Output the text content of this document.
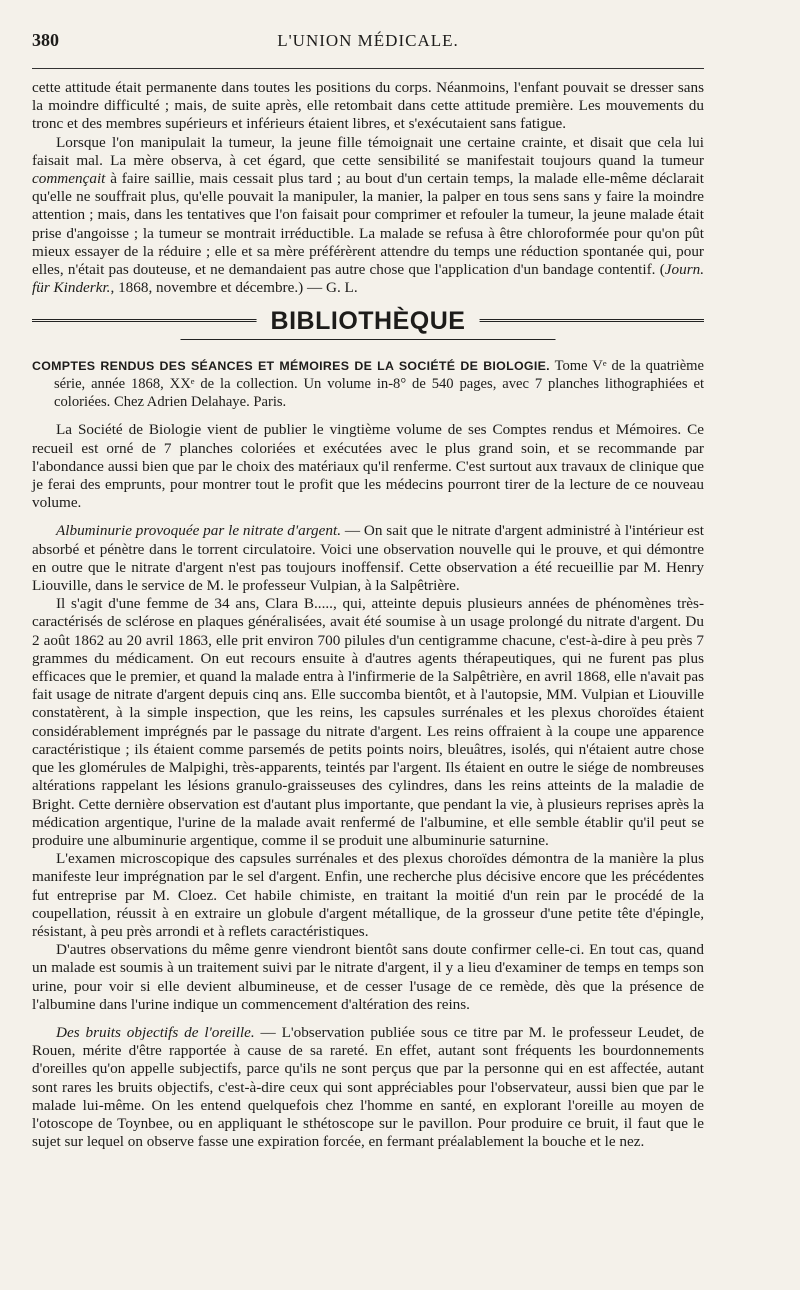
380	L'UNION MÉDICALE.

cette attitude était permanente dans toutes les positions du corps. Néanmoins, l'enfant pouvait se dresser sans la moindre difficulté ; mais, de suite après, elle retombait dans cette attitude première. Les mouvements du tronc et des membres supérieurs et inférieurs étaient libres, et s'exécutaient sans fatigue.

Lorsque l'on manipulait la tumeur, la jeune fille témoignait une certaine crainte, et disait que cela lui faisait mal. La mère observa, à cet égard, que cette sensibilité se manifestait toujours quand la tumeur commençait à faire saillie, mais cessait plus tard ; au bout d'un certain temps, la malade elle-même déclarait qu'elle ne souffrait plus, qu'elle pouvait la manipuler, la manier, la palper en tous sens sans y faire la moindre attention ; mais, dans les tentatives que l'on faisait pour comprimer et refouler la tumeur, la jeune malade était prise d'angoisse ; la tumeur se montrait irréductible. La malade se refusa à être chloroformée pour qu'on pût mieux essayer de la réduire ; elle et sa mère préférèrent attendre du temps une réduction spontanée qui, pour elles, n'était pas douteuse, et ne demandaient pas autre chose que l'application d'un bandage contentif. (Journ. für Kinderkr., 1868, novembre et décembre.) — G. L.

BIBLIOTHÈQUE

COMPTES RENDUS DES SÉANCES ET MÉMOIRES DE LA SOCIÉTÉ DE BIOLOGIE. Tome Vᵉ de la quatrième série, année 1868, XXᵉ de la collection. Un volume in-8° de 540 pages, avec 7 planches lithographiées et coloriées. Chez Adrien Delahaye. Paris.

La Société de Biologie vient de publier le vingtième volume de ses Comptes rendus et Mémoires. Ce recueil est orné de 7 planches coloriées et exécutées avec le plus grand soin, et se recommande par l'abondance aussi bien que par le choix des matériaux qu'il renferme. C'est surtout aux travaux de clinique que je ferai des emprunts, pour montrer tout le profit que les médecins pourront tirer de la lecture de ce nouveau volume.

Albuminurie provoquée par le nitrate d'argent. — On sait que le nitrate d'argent administré à l'intérieur est absorbé et pénètre dans le torrent circulatoire. Voici une observation nouvelle qui le prouve, et qui démontre en outre que le nitrate d'argent n'est pas toujours inoffensif. Cette observation a été recueillie par M. Henry Liouville, dans le service de M. le professeur Vulpian, à la Salpêtrière.

Il s'agit d'une femme de 34 ans, Clara B....., qui, atteinte depuis plusieurs années de phénomènes très-caractérisés de sclérose en plaques généralisées, avait été soumise à un usage prolongé du nitrate d'argent. Du 2 août 1862 au 20 avril 1863, elle prit environ 700 pilules d'un centigramme chacune, c'est-à-dire à peu près 7 grammes du médicament. On eut recours ensuite à d'autres agents thérapeutiques, qui ne furent pas plus efficaces que le premier, et quand la malade entra à l'infirmerie de la Salpêtrière, en avril 1868, elle n'avait pas fait usage de nitrate d'argent depuis cinq ans. Elle succomba bientôt, et à l'autopsie, MM. Vulpian et Liouville constatèrent, à la simple inspection, que les reins, les capsules surrénales et les plexus choroïdes étaient considérablement imprégnés par le passage du nitrate d'argent. Les reins offraient à la coupe une apparence caractéristique ; ils étaient comme parsemés de petits points noirs, bleuâtres, isolés, qui n'étaient autre chose que les glomérules de Malpighi, très-apparents, teintés par l'argent. Ils étaient en outre le siége de nombreuses altérations rappelant les lésions granulo-graisseuses des cylindres, dans les reins atteints de la maladie de Bright. Cette dernière observation est d'autant plus importante, que pendant la vie, à plusieurs reprises après la médication argentique, l'urine de la malade avait renfermé de l'albumine, et elle semble établir qu'il peut se produire une albuminurie argentique, comme il se produit une albuminurie saturnine.

L'examen microscopique des capsules surrénales et des plexus choroïdes démontra de la manière la plus manifeste leur imprégnation par le sel d'argent. Enfin, une recherche plus décisive encore que les précédentes fut entreprise par M. Cloez. Cet habile chimiste, en traitant la moitié d'un rein par le procédé de la coupellation, réussit à en extraire un globule d'argent métallique, de la grosseur d'une petite tête d'épingle, résistant, à peu près arrondi et à reflets caractéristiques.

D'autres observations du même genre viendront bientôt sans doute confirmer celle-ci. En tout cas, quand un malade est soumis à un traitement suivi par le nitrate d'argent, il y a lieu d'examiner de temps en temps son urine, pour voir si elle devient albumineuse, et de cesser l'usage de ce remède, dès que la présence de l'albumine dans l'urine indique un commencement d'altération des reins.

Des bruits objectifs de l'oreille. — L'observation publiée sous ce titre par M. le professeur Leudet, de Rouen, mérite d'être rapportée à cause de sa rareté. En effet, autant sont fréquents les bourdonnements d'oreilles qu'on appelle subjectifs, parce qu'ils ne sont perçus que par la personne qui en est affectée, autant sont rares les bruits objectifs, c'est-à-dire ceux qui sont appréciables pour l'observateur, aussi bien que par le malade lui-même. On les entend quelquefois chez l'homme en santé, en explorant l'oreille au moyen de l'otoscope de Toynbee, ou en appliquant le sthétoscope sur le pavillon. Pour produire ce bruit, il faut que le sujet sur lequel on observe fasse une expiration forcée, en fermant préalablement la bouche et le nez.
